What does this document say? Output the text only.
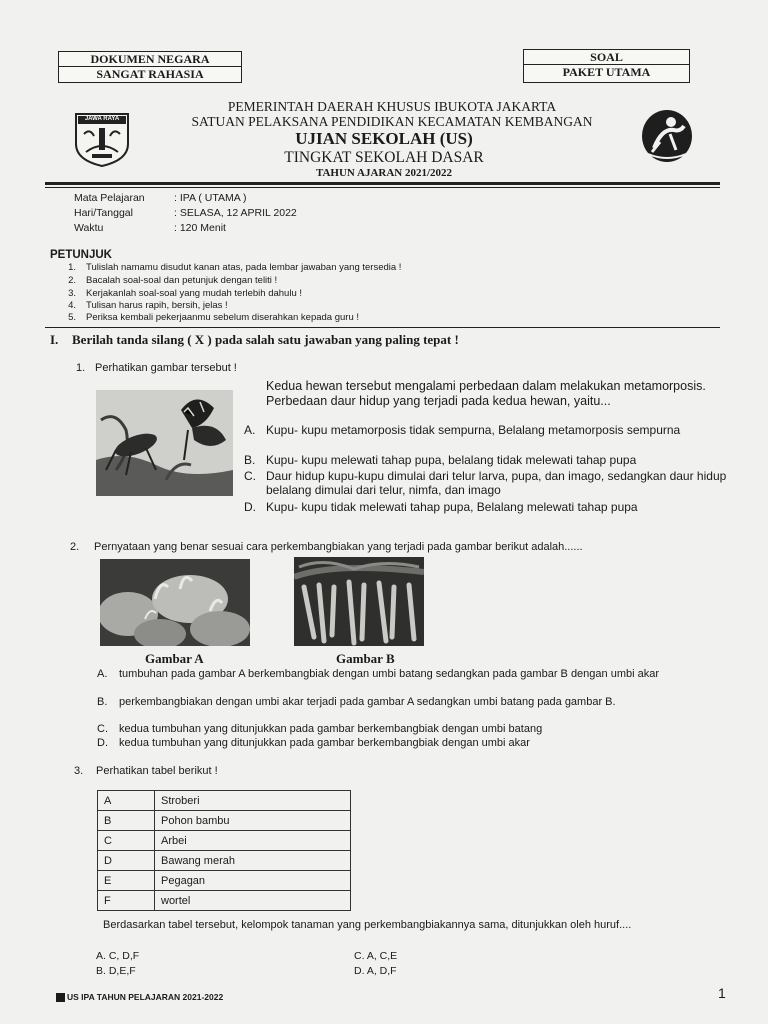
DOKUMEN NEGARA
SANGAT RAHASIA
SOAL
PAKET UTAMA
JAWA RAYA
PEMERINTAH DAERAH KHUSUS IBUKOTA JAKARTA
SATUAN PELAKSANA PENDIDIKAN KECAMATAN KEMBANGAN
UJIAN SEKOLAH (US)
TINGKAT SEKOLAH DASAR
TAHUN AJARAN 2021/2022
Mata Pelajaran	: IPA ( UTAMA )
Hari/Tanggal	: SELASA, 12 APRIL 2022
Waktu	: 120 Menit
PETUNJUK
1. Tulislah namamu disudut kanan atas, pada lembar jawaban yang tersedia !
2. Bacalah soal-soal dan petunjuk dengan teliti !
3. Kerjakanlah soal-soal yang mudah terlebih dahulu !
4. Tulisan harus rapih, bersih, jelas !
5. Periksa kembali pekerjaanmu sebelum diserahkan kepada guru !
I. Berilah tanda silang ( X ) pada salah satu jawaban yang paling tepat !
1. Perhatikan gambar tersebut !
Kedua hewan tersebut mengalami perbedaan dalam melakukan metamorposis. Perbedaan daur hidup yang terjadi pada kedua hewan, yaitu...
A. Kupu- kupu metamorposis tidak sempurna, Belalang metamorposis sempurna
B. Kupu- kupu melewati tahap pupa, belalang tidak melewati tahap pupa
C. Daur hidup kupu-kupu dimulai dari telur larva, pupa, dan imago, sedangkan daur hidup belalang dimulai dari telur, nimfa, dan imago
D. Kupu- kupu tidak melewati tahap pupa, Belalang melewati tahap pupa
2. Pernyataan yang benar sesuai cara perkembangbiakan yang terjadi pada gambar berikut adalah......
Gambar A	Gambar B
A. tumbuhan pada gambar A berkembangbiak dengan umbi batang sedangkan pada gambar B dengan umbi akar
B. perkembangbiakan dengan umbi akar terjadi pada gambar A sedangkan umbi batang pada gambar B.
C. kedua tumbuhan yang ditunjukkan pada gambar berkembangbiak dengan umbi batang
D. kedua tumbuhan yang ditunjukkan pada gambar berkembangbiak dengan umbi akar
3. Perhatikan tabel berikut !
A	Stroberi
B	Pohon bambu
C	Arbei
D	Bawang merah
E	Pegagan
F	wortel
Berdasarkan tabel tersebut, kelompok tanaman yang perkembangbiakannya sama, ditunjukkan oleh huruf....
A. C, D,F	C. A, C,E
B. D,E,F	D. A, D,F
US IPA TAHUN PELAJARAN 2021-2022	1
